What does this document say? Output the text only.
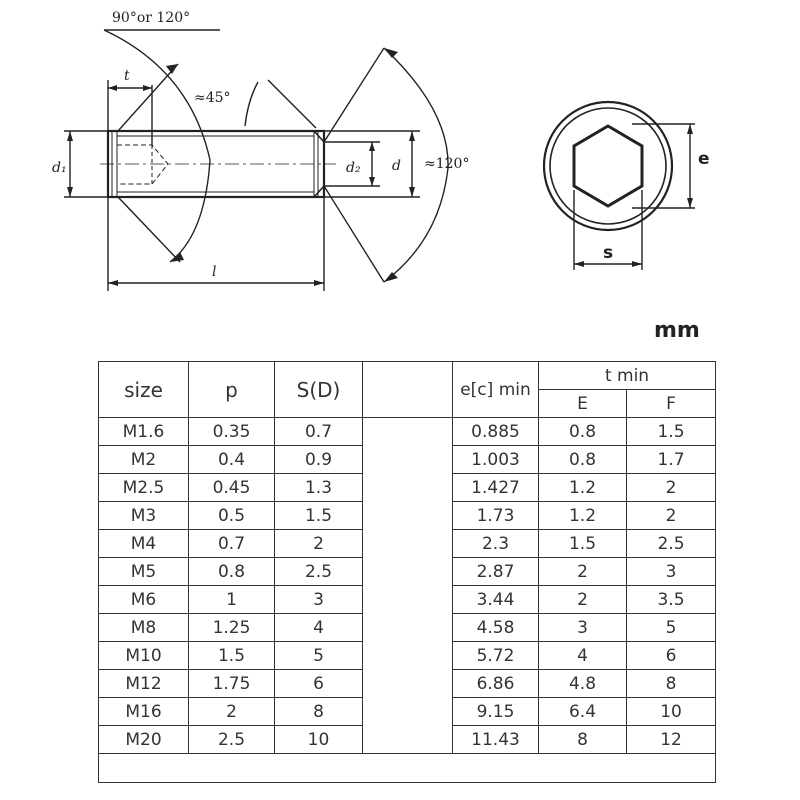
90°or 120°
≈45°
≈120°
t
d₁	d₂ d
l
e
s
mm
size	p	S(D)		e[c] min	t min	
					E	F
M1.6	0.35	0.7		0.885	0.8	1.5
M2	0.4	0.9		1.003	0.8	1.7
M2.5	0.45	1.3		1.427	1.2	2
M3	0.5	1.5		1.73	1.2	2
M4	0.7	2		2.3	1.5	2.5
M5	0.8	2.5		2.87	2	3
M6	1	3		3.44	2	3.5
M8	1.25	4		4.58	3	5
M10	1.5	5		5.72	4	6
M12	1.75	6		6.86	4.8	8
M16	2	8		9.15	6.4	10
M20	2.5	10		11.43	8	12
